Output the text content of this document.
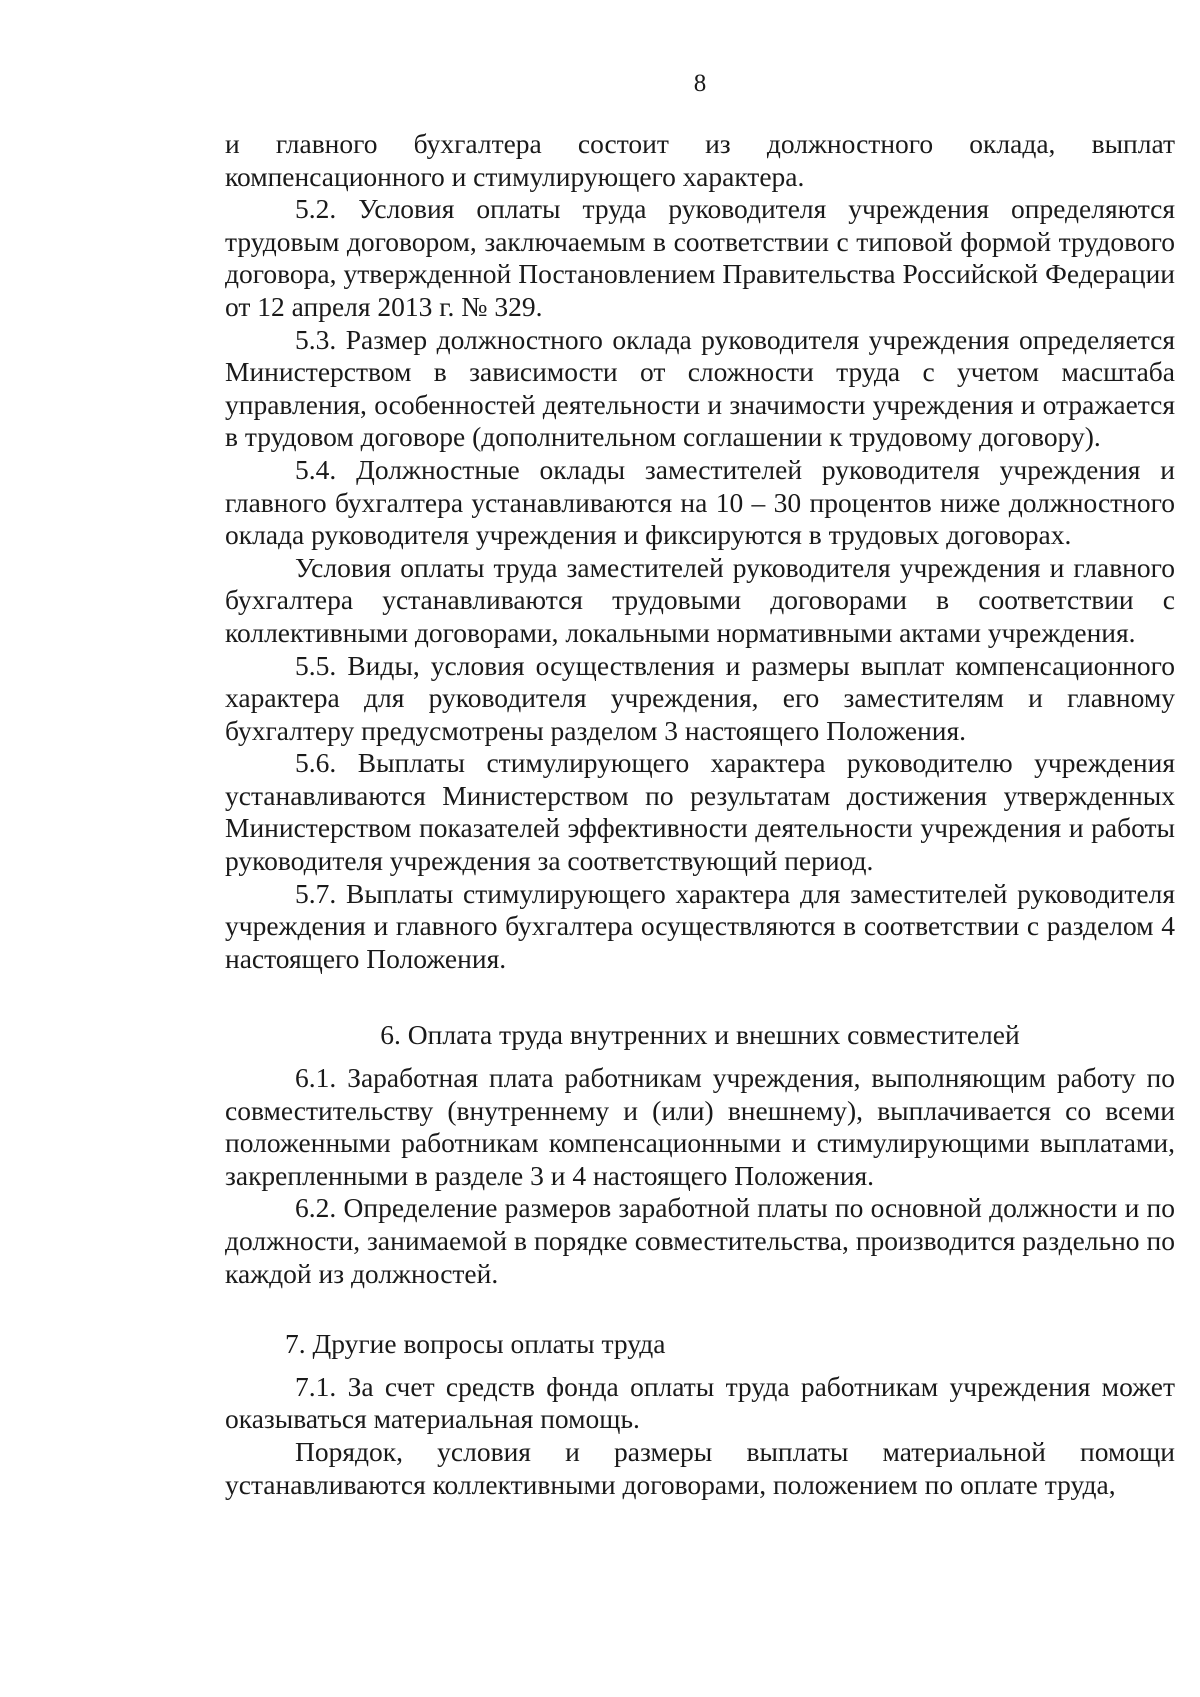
8

и главного бухгалтера состоит из должностного оклада, выплат компенсационного и стимулирующего характера.

5.2. Условия оплаты труда руководителя учреждения определяются трудовым договором, заключаемым в соответствии с типовой формой трудового договора, утвержденной Постановлением Правительства Российской Федерации от 12 апреля 2013 г. № 329.

5.3. Размер должностного оклада руководителя учреждения определяется Министерством в зависимости от сложности труда с учетом масштаба управления, особенностей деятельности и значимости учреждения и отражается в трудовом договоре (дополнительном соглашении к трудовому договору).

5.4. Должностные оклады заместителей руководителя учреждения и главного бухгалтера устанавливаются на 10 – 30 процентов ниже должностного оклада руководителя учреждения и фиксируются в трудовых договорах.

Условия оплаты труда заместителей руководителя учреждения и главного бухгалтера устанавливаются трудовыми договорами в соответствии с коллективными договорами, локальными нормативными актами учреждения.

5.5. Виды, условия осуществления и размеры выплат компенсационного характера для руководителя учреждения, его заместителям и главному бухгалтеру предусмотрены разделом 3 настоящего Положения.

5.6. Выплаты стимулирующего характера руководителю учреждения устанавливаются Министерством по результатам достижения утвержденных Министерством показателей эффективности деятельности учреждения и работы руководителя учреждения за соответствующий период.

5.7. Выплаты стимулирующего характера для заместителей руководителя учреждения и главного бухгалтера осуществляются в соответствии с разделом 4 настоящего Положения.

6. Оплата труда внутренних и внешних совместителей

6.1. Заработная плата работникам учреждения, выполняющим работу по совместительству (внутреннему и (или) внешнему), выплачивается со всеми положенными работникам компенсационными и стимулирующими выплатами, закрепленными в разделе 3 и 4 настоящего Положения.

6.2. Определение размеров заработной платы по основной должности и по должности, занимаемой в порядке совместительства, производится раздельно по каждой из должностей.

7. Другие вопросы оплаты труда

7.1. За счет средств фонда оплаты труда работникам учреждения может оказываться материальная помощь.

Порядок, условия и размеры выплаты материальной помощи устанавливаются коллективными договорами, положением по оплате труда,
